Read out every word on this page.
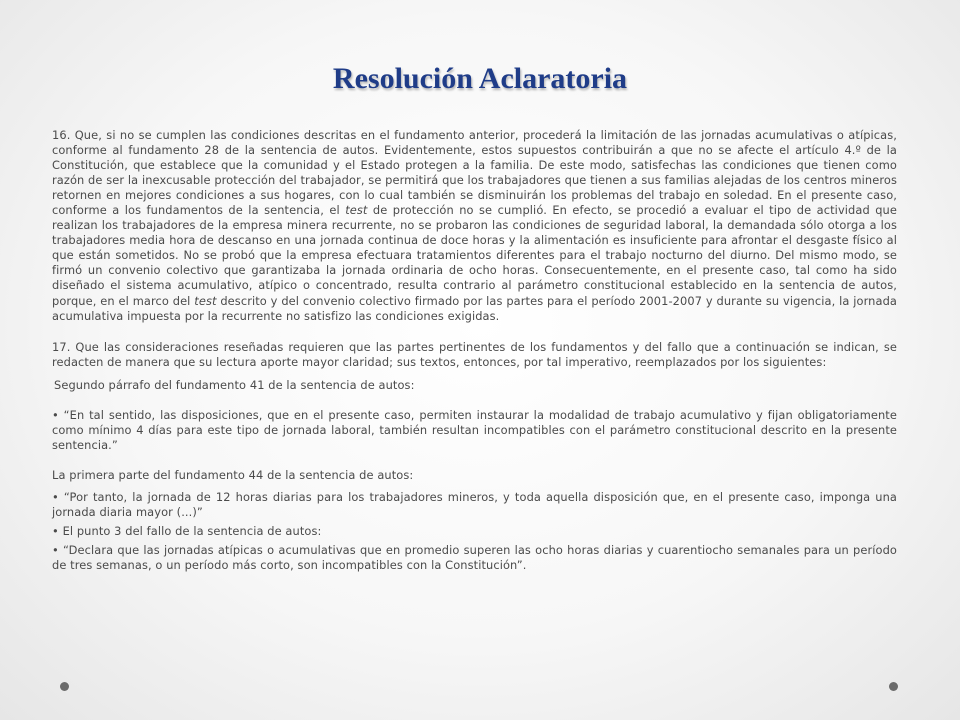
Resolución Aclaratoria

16. Que, si no se cumplen las condiciones descritas en el fundamento anterior, procederá la limitación de las jornadas acumulativas o atípicas, conforme al fundamento 28 de la sentencia de autos. Evidentemente, estos supuestos contribuirán a que no se afecte el artículo 4.º de la Constitución, que establece que la comunidad y el Estado protegen a la familia. De este modo, satisfechas las condiciones que tienen como razón de ser la inexcusable protección del trabajador, se permitirá que los trabajadores que tienen a sus familias alejadas de los centros mineros retornen en mejores condiciones a sus hogares, con lo cual también se disminuirán los problemas del trabajo en soledad. En el presente caso, conforme a los fundamentos de la sentencia, el test de protección no se cumplió. En efecto, se procedió a evaluar el tipo de actividad que realizan los trabajadores de la empresa minera recurrente, no se probaron las condiciones de seguridad laboral, la demandada sólo otorga a los trabajadores media hora de descanso en una jornada continua de doce horas y la alimentación es insuficiente para afrontar el desgaste físico al que están sometidos. No se probó que la empresa efectuara tratamientos diferentes para el trabajo nocturno del diurno. Del mismo modo, se firmó un convenio colectivo que garantizaba la jornada ordinaria de ocho horas. Consecuentemente, en el presente caso, tal como ha sido diseñado el sistema acumulativo, atípico o concentrado, resulta contrario al parámetro constitucional establecido en la sentencia de autos, porque, en el marco del test descrito y del convenio colectivo firmado por las partes para el período 2001-2007 y durante su vigencia, la jornada acumulativa impuesta por la recurrente no satisfizo las condiciones exigidas.

17. Que las consideraciones reseñadas requieren que las partes pertinentes de los fundamentos y del fallo que a continuación se indican, se redacten de manera que su lectura aporte mayor claridad; sus textos, entonces, por tal imperativo, reemplazados por los siguientes:

Segundo párrafo del fundamento 41 de la sentencia de autos:

• “En tal sentido, las disposiciones, que en el presente caso, permiten instaurar la modalidad de trabajo acumulativo y fijan obligatoriamente como mínimo 4 días para este tipo de jornada laboral, también resultan incompatibles con el parámetro constitucional descrito en la presente sentencia.”

La primera parte del fundamento 44 de la sentencia de autos:

• “Por tanto, la jornada de 12 horas diarias para los trabajadores mineros, y toda aquella disposición que, en el presente caso, imponga una jornada diaria mayor (...)”

• El punto 3 del fallo de la sentencia de autos:

• “Declara que las jornadas atípicas o acumulativas que en promedio superen las ocho horas diarias y cuarentiocho semanales para un período de tres semanas, o un período más corto, son incompatibles con la Constitución”.
